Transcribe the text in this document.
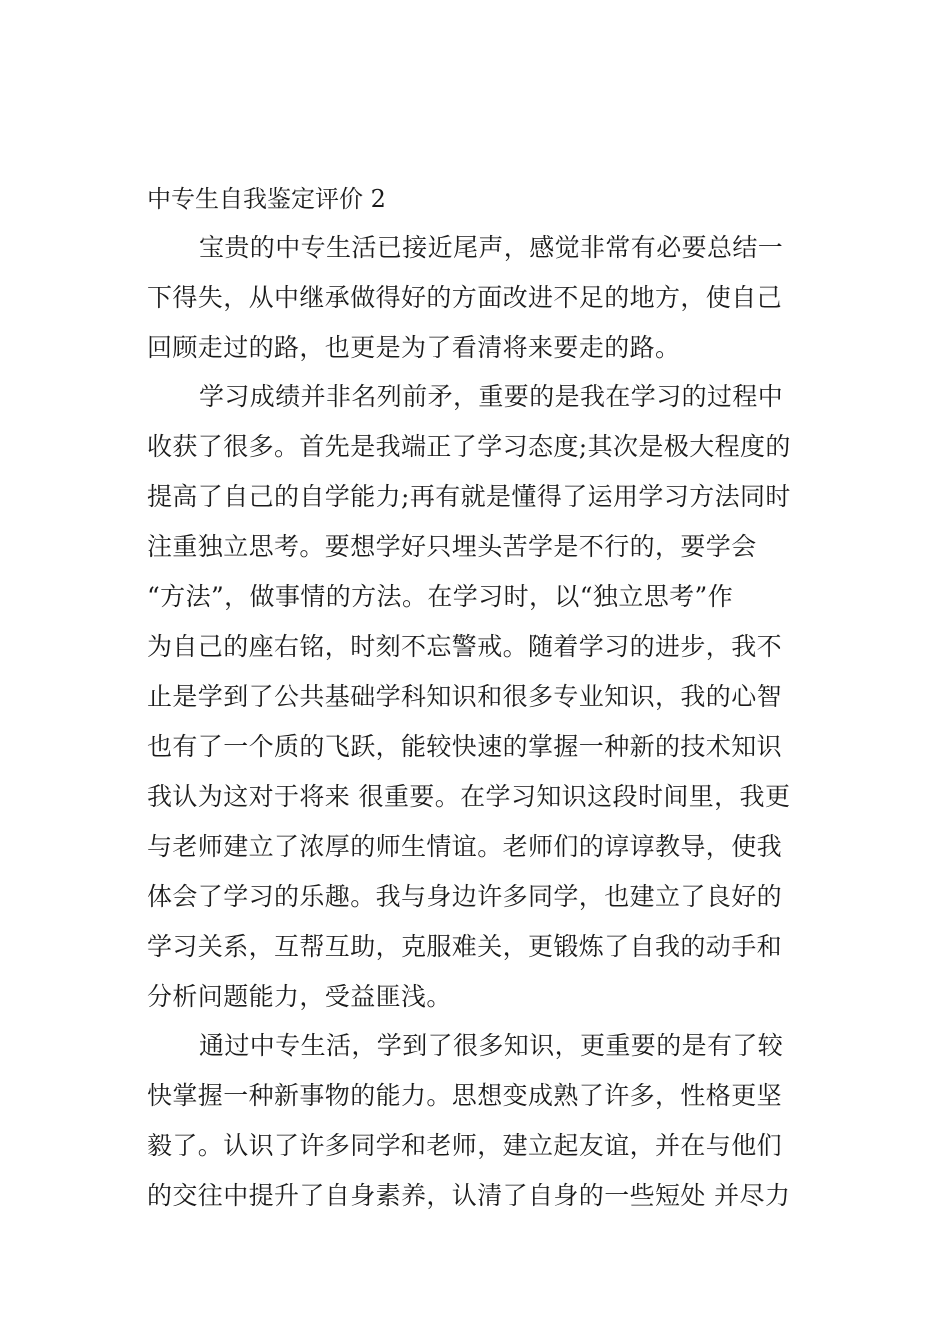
中专生自我鉴定评价 2
宝贵的中专生活已接近尾声，感觉非常有必要总结一
下得失，从中继承做得好的方面改进不足的地方，使自己
回顾走过的路，也更是为了看清将来要走的路。
学习成绩并非名列前矛，重要的是我在学习的过程中
收获了很多。首先是我端正了学习态度;其次是极大程度的
提高了自己的自学能力;再有就是懂得了运用学习方法同时
注重独立思考。要想学好只埋头苦学是不行的，要学会
“方法”，做事情的方法。在学习时，以“独立思考”作
为自己的座右铭，时刻不忘警戒。随着学习的进步，我不
止是学到了公共基础学科知识和很多专业知识，我的心智
也有了一个质的飞跃，能较快速的掌握一种新的技术知识
我认为这对于将来 很重要。在学习知识这段时间里，我更
与老师建立了浓厚的师生情谊。老师们的谆谆教导，使我
体会了学习的乐趣。我与身边许多同学，也建立了良好的
学习关系，互帮互助，克服难关，更锻炼了自我的动手和
分析问题能力，受益匪浅。
通过中专生活，学到了很多知识，更重要的是有了较
快掌握一种新事物的能力。思想变成熟了许多，性格更坚
毅了。认识了许多同学和老师，建立起友谊，并在与他们
的交往中提升了自身素养，认清了自身的一些短处 并尽力
